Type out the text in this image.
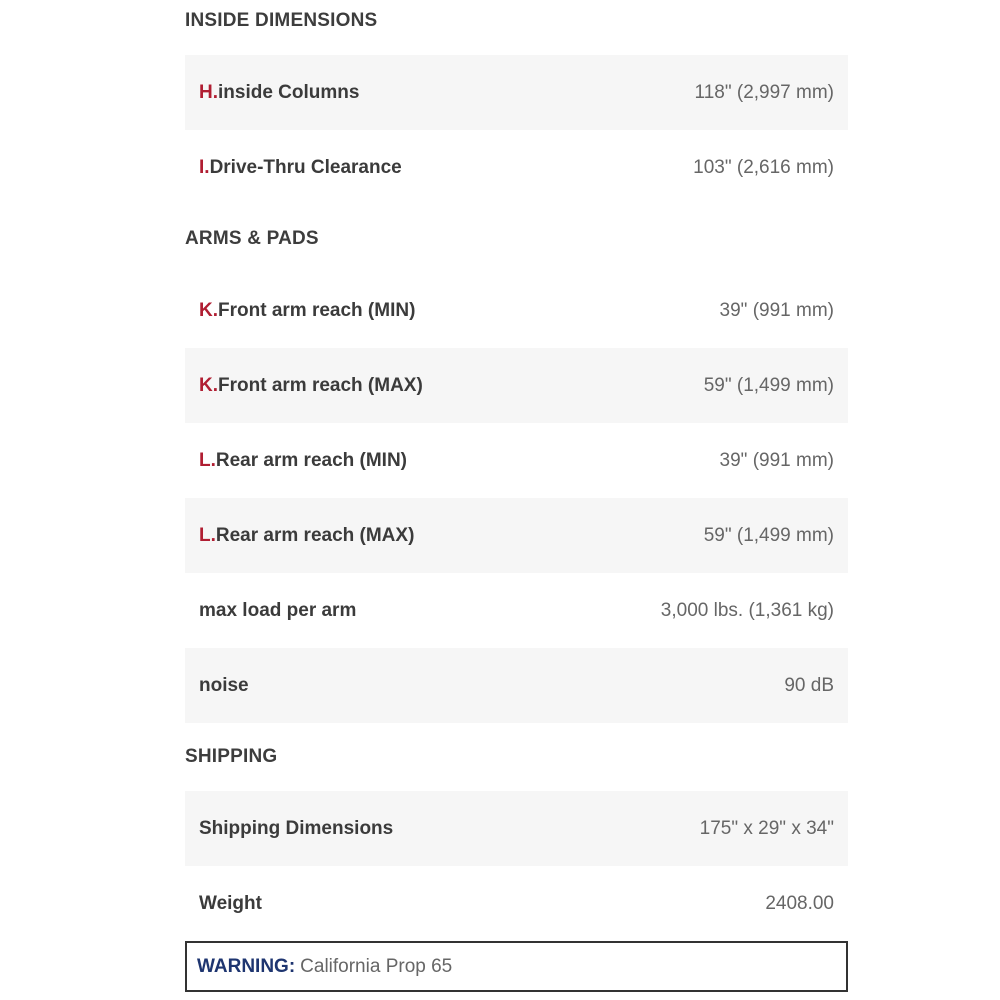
INSIDE DIMENSIONS
H.inside Columns	118" (2,997 mm)
I.Drive-Thru Clearance	103" (2,616 mm)
ARMS & PADS
K.Front arm reach (MIN)	39" (991 mm)
K.Front arm reach (MAX)	59" (1,499 mm)
L.Rear arm reach (MIN)	39" (991 mm)
L.Rear arm reach (MAX)	59" (1,499 mm)
max load per arm	3,000 lbs. (1,361 kg)
noise	90 dB
SHIPPING
Shipping Dimensions	175" x 29" x 34"
Weight	2408.00
WARNING: California Prop 65
